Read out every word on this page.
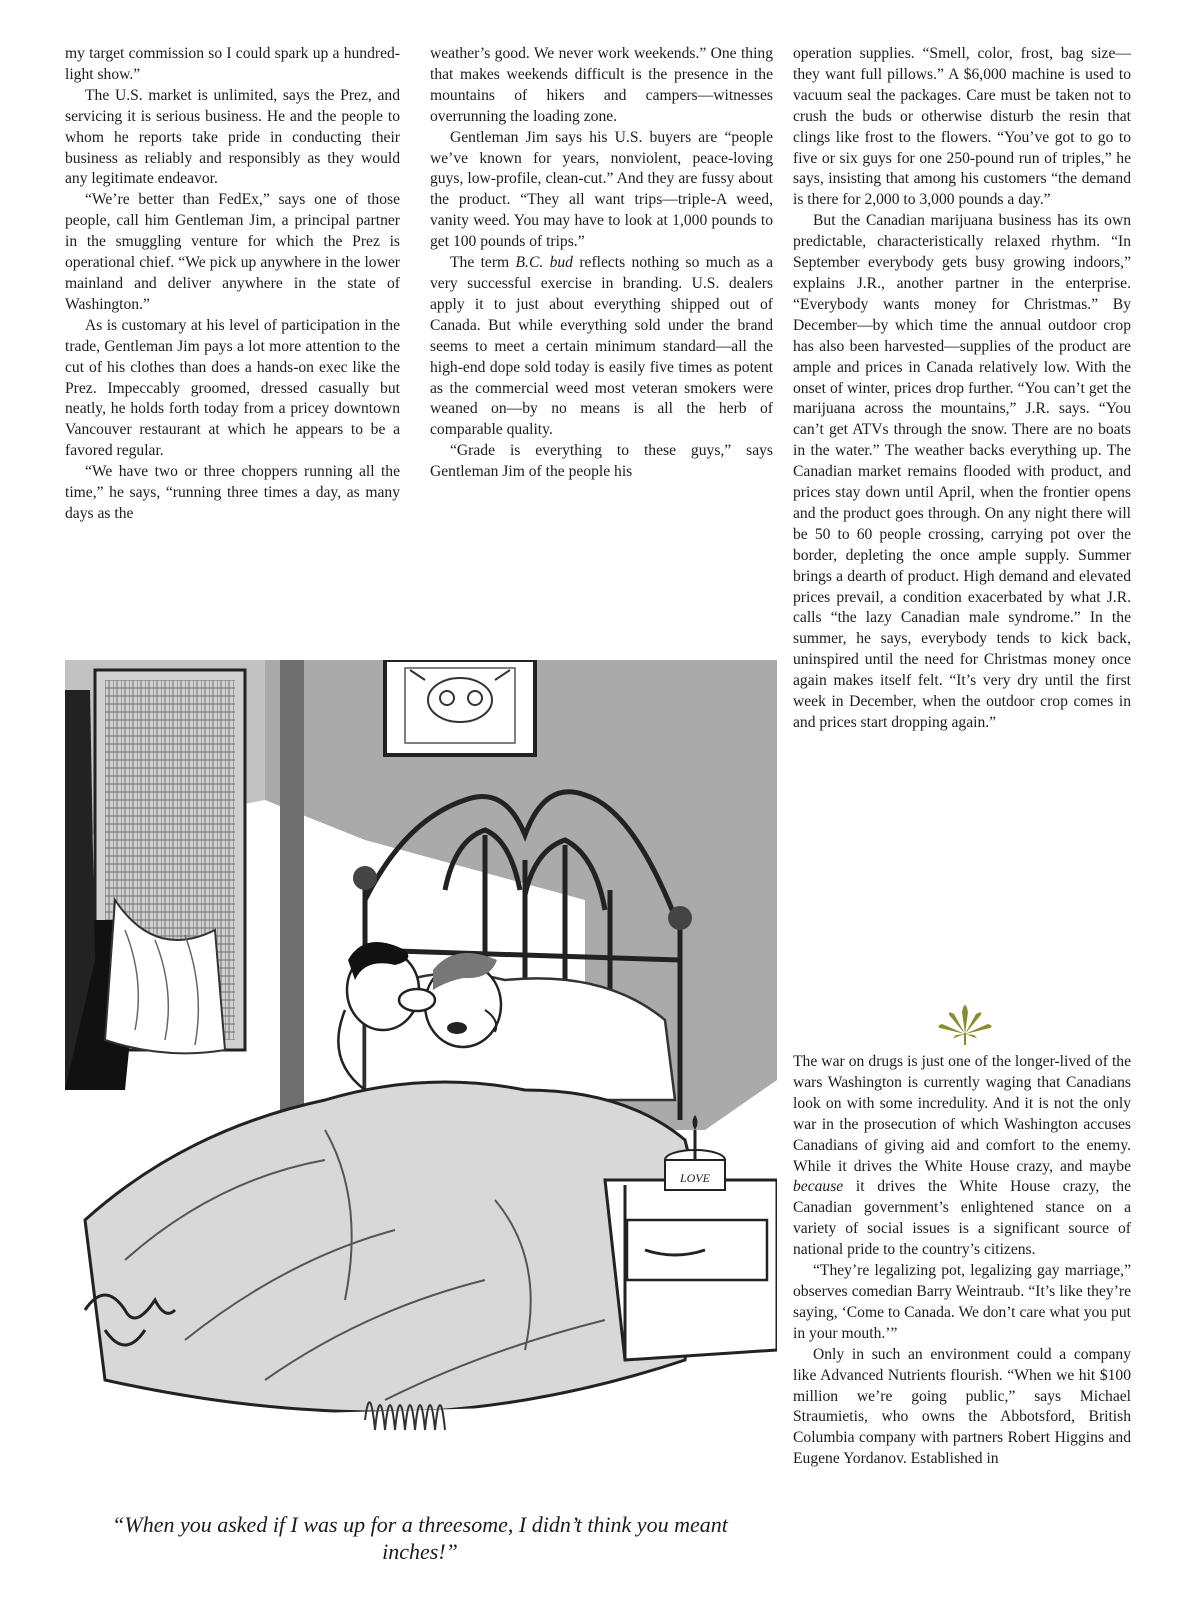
my target commission so I could spark up a hundred-light show.”

The U.S. market is unlimited, says the Prez, and servicing it is serious business. He and the people to whom he reports take pride in conducting their business as reliably and responsibly as they would any legitimate endeavor.

“We’re better than FedEx,” says one of those people, call him Gentleman Jim, a principal partner in the smuggling venture for which the Prez is operational chief. “We pick up anywhere in the lower mainland and deliver anywhere in the state of Washington.”

As is customary at his level of participation in the trade, Gentleman Jim pays a lot more attention to the cut of his clothes than does a hands-on exec like the Prez. Impeccably groomed, dressed casually but neatly, he holds forth today from a pricey downtown Vancouver restaurant at which he appears to be a favored regular.

“We have two or three choppers running all the time,” he says, “running three times a day, as many days as the

weather’s good. We never work weekends.” One thing that makes weekends difficult is the presence in the mountains of hikers and campers—witnesses overrunning the loading zone.

Gentleman Jim says his U.S. buyers are “people we’ve known for years, nonviolent, peace-loving guys, low-profile, clean-cut.” And they are fussy about the product. “They all want trips—triple-A weed, vanity weed. You may have to look at 1,000 pounds to get 100 pounds of trips.”

The term B.C. bud reflects nothing so much as a very successful exercise in branding. U.S. dealers apply it to just about everything shipped out of Canada. But while everything sold under the brand seems to meet a certain minimum standard—all the high-end dope sold today is easily five times as potent as the commercial weed most veteran smokers were weaned on—by no means is all the herb of comparable quality.

“Grade is everything to these guys,” says Gentleman Jim of the people his

operation supplies. “Smell, color, frost, bag size—they want full pillows.” A $6,000 machine is used to vacuum seal the packages. Care must be taken not to crush the buds or otherwise disturb the resin that clings like frost to the flowers. “You’ve got to go to five or six guys for one 250-pound run of triples,” he says, insisting that among his customers “the demand is there for 2,000 to 3,000 pounds a day.”

But the Canadian marijuana business has its own predictable, characteristically relaxed rhythm. “In September everybody gets busy growing indoors,” explains J.R., another partner in the enterprise. “Everybody wants money for Christmas.” By December—by which time the annual outdoor crop has also been harvested—supplies of the product are ample and prices in Canada relatively low. With the onset of winter, prices drop further. “You can’t get the marijuana across the mountains,” J.R. says. “You can’t get ATVs through the snow. There are no boats in the water.” The weather backs everything up. The Canadian market remains flooded with product, and prices stay down until April, when the frontier opens and the product goes through. On any night there will be 50 to 60 people crossing, carrying pot over the border, depleting the once ample supply. Summer brings a dearth of product. High demand and elevated prices prevail, a condition exacerbated by what J.R. calls “the lazy Canadian male syndrome.” In the summer, he says, everybody tends to kick back, uninspired until the need for Christmas money once again makes itself felt. “It’s very dry until the first week in December, when the outdoor crop comes in and prices start dropping again.”

The war on drugs is just one of the longer-lived of the wars Washington is currently waging that Canadians look on with some incredulity. And it is not the only war in the prosecution of which Washington accuses Canadians of giving aid and comfort to the enemy. While it drives the White House crazy, and maybe because it drives the White House crazy, the Canadian government’s enlightened stance on a variety of social issues is a significant source of national pride to the country’s citizens.

“They’re legalizing pot, legalizing gay marriage,” observes comedian Barry Weintraub. “It’s like they’re saying, ‘Come to Canada. We don’t care what you put in your mouth.’”

Only in such an environment could a company like Advanced Nutrients flourish. “When we hit $100 million we’re going public,” says Michael Straumietis, who owns the Abbotsford, British Columbia company with partners Robert Higgins and Eugene Yordanov. Established in

LOVE
“When you asked if I was up for a threesome, I didn’t think you meant inches!”
